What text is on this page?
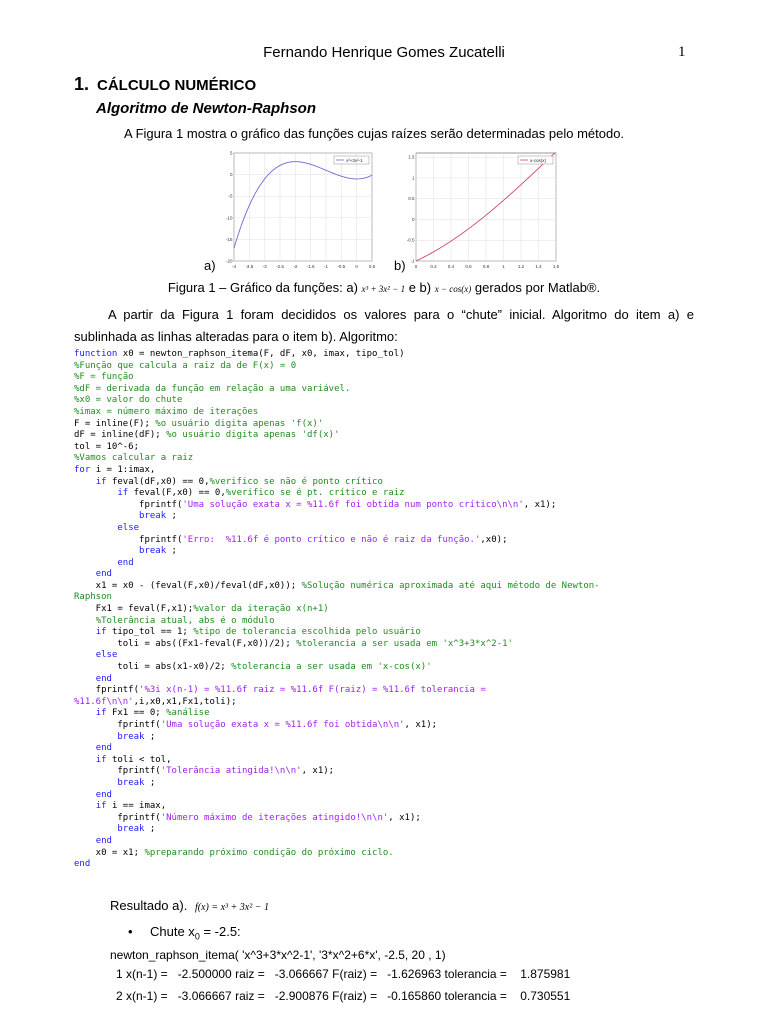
Fernando Henrique Gomes Zucatelli	1
1. CÁLCULO NUMÉRICO
Algoritmo de Newton-Raphson
A Figura 1 mostra o gráfico das funções cujas raízes serão determinadas pelo método.
-4 -3.5 -3 -2.5 -2 -1.5 -1 -0.5 0 0.5
5
0
-5
-10
-15
-20
x³+3x²-1
0	0.2 0.4 0.6 0.8	1	1.2 1.4 1.6
1.5
1
0.5
0
-0.5
-1
x-cos(x)
a)	b)
Figura 1 – Gráfico da funções: a) x³ + 3x² − 1 e b) x − cos(x) gerados por Matlab®.
A partir da Figura 1 foram decididos os valores para o “chute” inicial. Algoritmo do item a) e sublinhada as linhas alteradas para o item b). Algoritmo:
function x0 = newton_raphson_itema(F, dF, x0, imax, tipo_tol)
%Função que calcula a raiz da de F(x) = 0
%F = função
%dF = derivada da função em relação a uma variável.
%x0 = valor do chute
%imax = número máximo de iterações
F = inline(F); %o usuário digita apenas 'f(x)'
dF = inline(dF); %o usuário digita apenas 'df(x)'
tol = 10^-6;
%Vamos calcular a raiz
for i = 1:imax,
if feval(dF,x0) == 0,%verifico se não é ponto crítico
if feval(F,x0) == 0,%verifico se é pt. crítico e raiz
fprintf('Uma solução exata x = %11.6f foi obtida num ponto crítico\n\n', x1);
break ;
else
fprintf('Erro:  %11.6f é ponto crítico e não é raiz da função.',x0);
break ;
end
end
x1 = x0 - (feval(F,x0)/feval(dF,x0)); %Solução numérica aproximada até aqui método de Newton-
Raphson
Fx1 = feval(F,x1);%valor da iteração x(n+1)
%Tolerância atual, abs é o módulo
if tipo_tol == 1; %tipo de tolerancia escolhida pelo usuário
toli = abs((Fx1-feval(F,x0))/2); %tolerancia a ser usada em 'x^3+3*x^2-1'
else
toli = abs(x1-x0)/2; %tolerancia a ser usada em 'x-cos(x)'
end
fprintf('%3i x(n-1) = %11.6f raiz = %11.6f F(raiz) = %11.6f tolerancia =
%11.6f\n\n',i,x0,x1,Fx1,toli);
if Fx1 == 0; %análise
fprintf('Uma solução exata x = %11.6f foi obtida\n\n', x1);
break ;
end
if toli < tol,
fprintf('Tolerância atingida!\n\n', x1);
break ;
end
if i == imax,
fprintf('Número máximo de iterações atingido!\n\n', x1);
break ;
end
x0 = x1; %preparando próximo condição do próximo ciclo.
end

Resultado a). f(x) = x³ + 3x² − 1
• Chute $x_0 = -2.5$:
newton_raphson_itema( 'x^3+3*x^2-1', '3*x^2+6*x', -2.5, 20 , 1)
1 x(n-1) =   -2.500000 raiz =   -3.066667 F(raiz) =   -1.626963 tolerancia =    1.875981
2 x(n-1) =   -3.066667 raiz =   -2.900876 F(raiz) =   -0.165860 tolerancia =    0.730551
